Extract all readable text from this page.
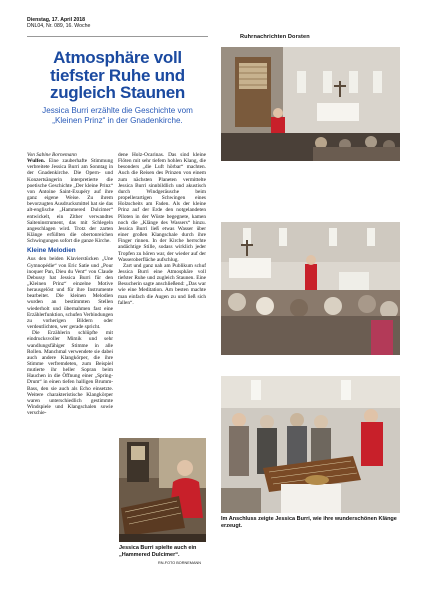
Dienstag, 17. April 2018
DNL04, Nr. 089, 16. Woche
Ruhrnachrichten Dorsten
Atmosphäre voll tiefster Ruhe und zugleich Staunen
Jessica Burri erzählte die Geschichte vom „Kleinen Prinz“ in der Gnadenkirche.

Von Sabine Bornemann

Wulfen. Eine zauberhafte Stimmung verbreitete Jessica Burri am Sonntag in der Gnadenkirche. Die Opern- und Konzertsängerin interpretierte die poetische Geschichte „Der kleine Prinz“ von Antoine Saint-Exupéry auf ihre ganz eigene Weise. Zu ihrem bevorzugten Ausdrucksmittel hat sie das alt-englische „Hammered Dulcimer“ entwickelt, ein Zither verwandtes Saiteninstrument, das mit Schlegeln angeschlagen wird. Trotz der zarten Klänge erfüllten die obertonreichen Schwingungen sofort die ganze Kirche.

Kleine Melodien

Aus den beiden Klavierstücken „Une Gymnopédie“ von Eric Satie und „Pour inoquer Pan, Dieu du Vent“ von Claude Debussy hat Jessica Burri für den „Kleinen Prinz“ einzelne Motive herausgelöst und für ihre Instrumente bearbeitet. Die kleinen Melodien wurden an bestimmten Stellen wiederholt und übernahmen fast eine Erzählerfunktion, schufen Verbindungen zu vorherigen Bildern oder verdeutlichten, wer gerade spricht.

Die Erzählerin schlüpfte mit eindrucksvoller Mimik und sehr wandlungsfähiger Stimme in alle Rollen. Manchmal verwendete sie dabei auch andere Klangkörper, die ihre Stimme verfremdeten, zum Beispiel mutierte ihr heller Sopran beim Hauchen in die Öffnung einer „Spring-Drum“ in einen tiefen halligen Brumm-Bass, den sie auch als Echo einsetzte. Weitere charakteristische Klangkörper waren unterschiedlich gestimmte Windspiele und Klangschalen sowie verschie-

dene Holz-Ocarinas. Das sind kleine Flöten mit sehr tiefem hohlen Klang, die besonders „die Luft hörbar“ machten. Auch die Reisen des Prinzen von einem zum nächsten Planeten vermittelte Jessica Burri sinnbildlich und akustisch durch Windgeräusche beim propellerartigen Schwingen eines Holzscheits am Faden. Als der kleine Prinz auf der Erde den notgelandeten Piloten in der Wüste begegnete, kamen noch die „Klänge des Wassers“ hinzu. Jessica Burri ließ etwas Wasser über einer großen Klangschale durch ihre Finger rinnen. In der Kirche herrschte andächtige Stille, sodass wirklich jeder Tropfen zu hören war, der wieder auf der Wasseroberfläche aufschlug.

Zart und ganz nah am Publikum schuf Jessica Burri eine Atmosphäre voll tiefster Ruhe und zugleich Staunen. Eine Besucherin sagte anschließend: „Das war wie eine Meditation. Am besten machte man einfach die Augen zu und ließ sich fallen“.

Jessica Burri spielte auch ein „Hammered Dulcimer“.
RN-FOTO BORNEMANN
Im Anschluss zeigte Jessica Burri, wie ihre wunderschönen Klänge erzeugt.
